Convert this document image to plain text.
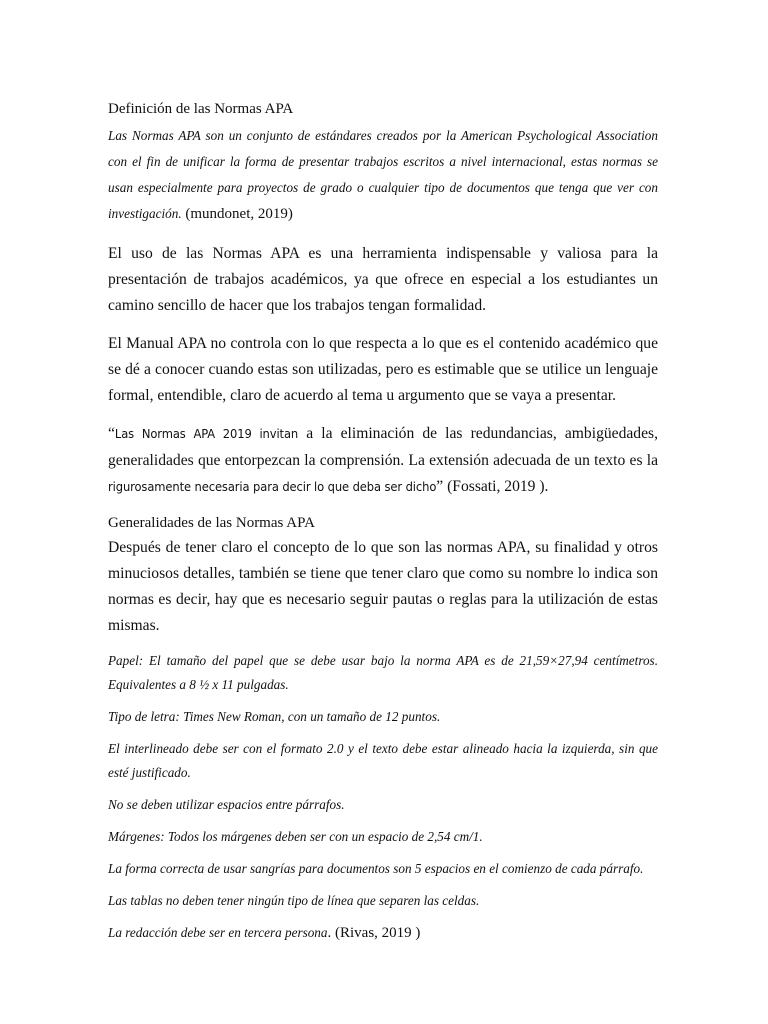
Definición de las Normas APA

Las Normas APA son un conjunto de estándares creados por la American Psychological Association con el fin de unificar la forma de presentar trabajos escritos a nivel internacional, estas normas se usan especialmente para proyectos de grado o cualquier tipo de documentos que tenga que ver con investigación. (mundonet, 2019)

El uso de las Normas APA es una herramienta indispensable y valiosa para la presentación de trabajos académicos, ya que ofrece en especial a los estudiantes un camino sencillo de hacer que los trabajos tengan formalidad.

El Manual APA no controla con lo que respecta a lo que es el contenido académico que se dé a conocer cuando estas son utilizadas, pero es estimable que se utilice un lenguaje formal, entendible, claro de acuerdo al tema u argumento que se vaya a presentar.

“Las Normas APA 2019 invitan a la eliminación de las redundancias, ambigüedades, generalidades que entorpezcan la comprensión. La extensión adecuada de un texto es la rigurosamente necesaria para decir lo que deba ser dicho” (Fossati, 2019 ).

Generalidades de las Normas APA

Después de tener claro el concepto de lo que son las normas APA, su finalidad y otros minuciosos detalles, también se tiene que tener claro que como su nombre lo indica son normas es decir, hay que es necesario seguir pautas o reglas para la utilización de estas mismas.

Papel: El tamaño del papel que se debe usar bajo la norma APA es de 21,59×27,94 centímetros. Equivalentes a 8 ½ x 11 pulgadas.

Tipo de letra: Times New Roman, con un tamaño de 12 puntos.

El interlineado debe ser con el formato 2.0 y el texto debe estar alineado hacia la izquierda, sin que esté justificado.

No se deben utilizar espacios entre párrafos.

Márgenes: Todos los márgenes deben ser con un espacio de 2,54 cm/1.

La forma correcta de usar sangrías para documentos son 5 espacios en el comienzo de cada párrafo.

Las tablas no deben tener ningún tipo de línea que separen las celdas.

La redacción debe ser en tercera persona. (Rivas, 2019 )
